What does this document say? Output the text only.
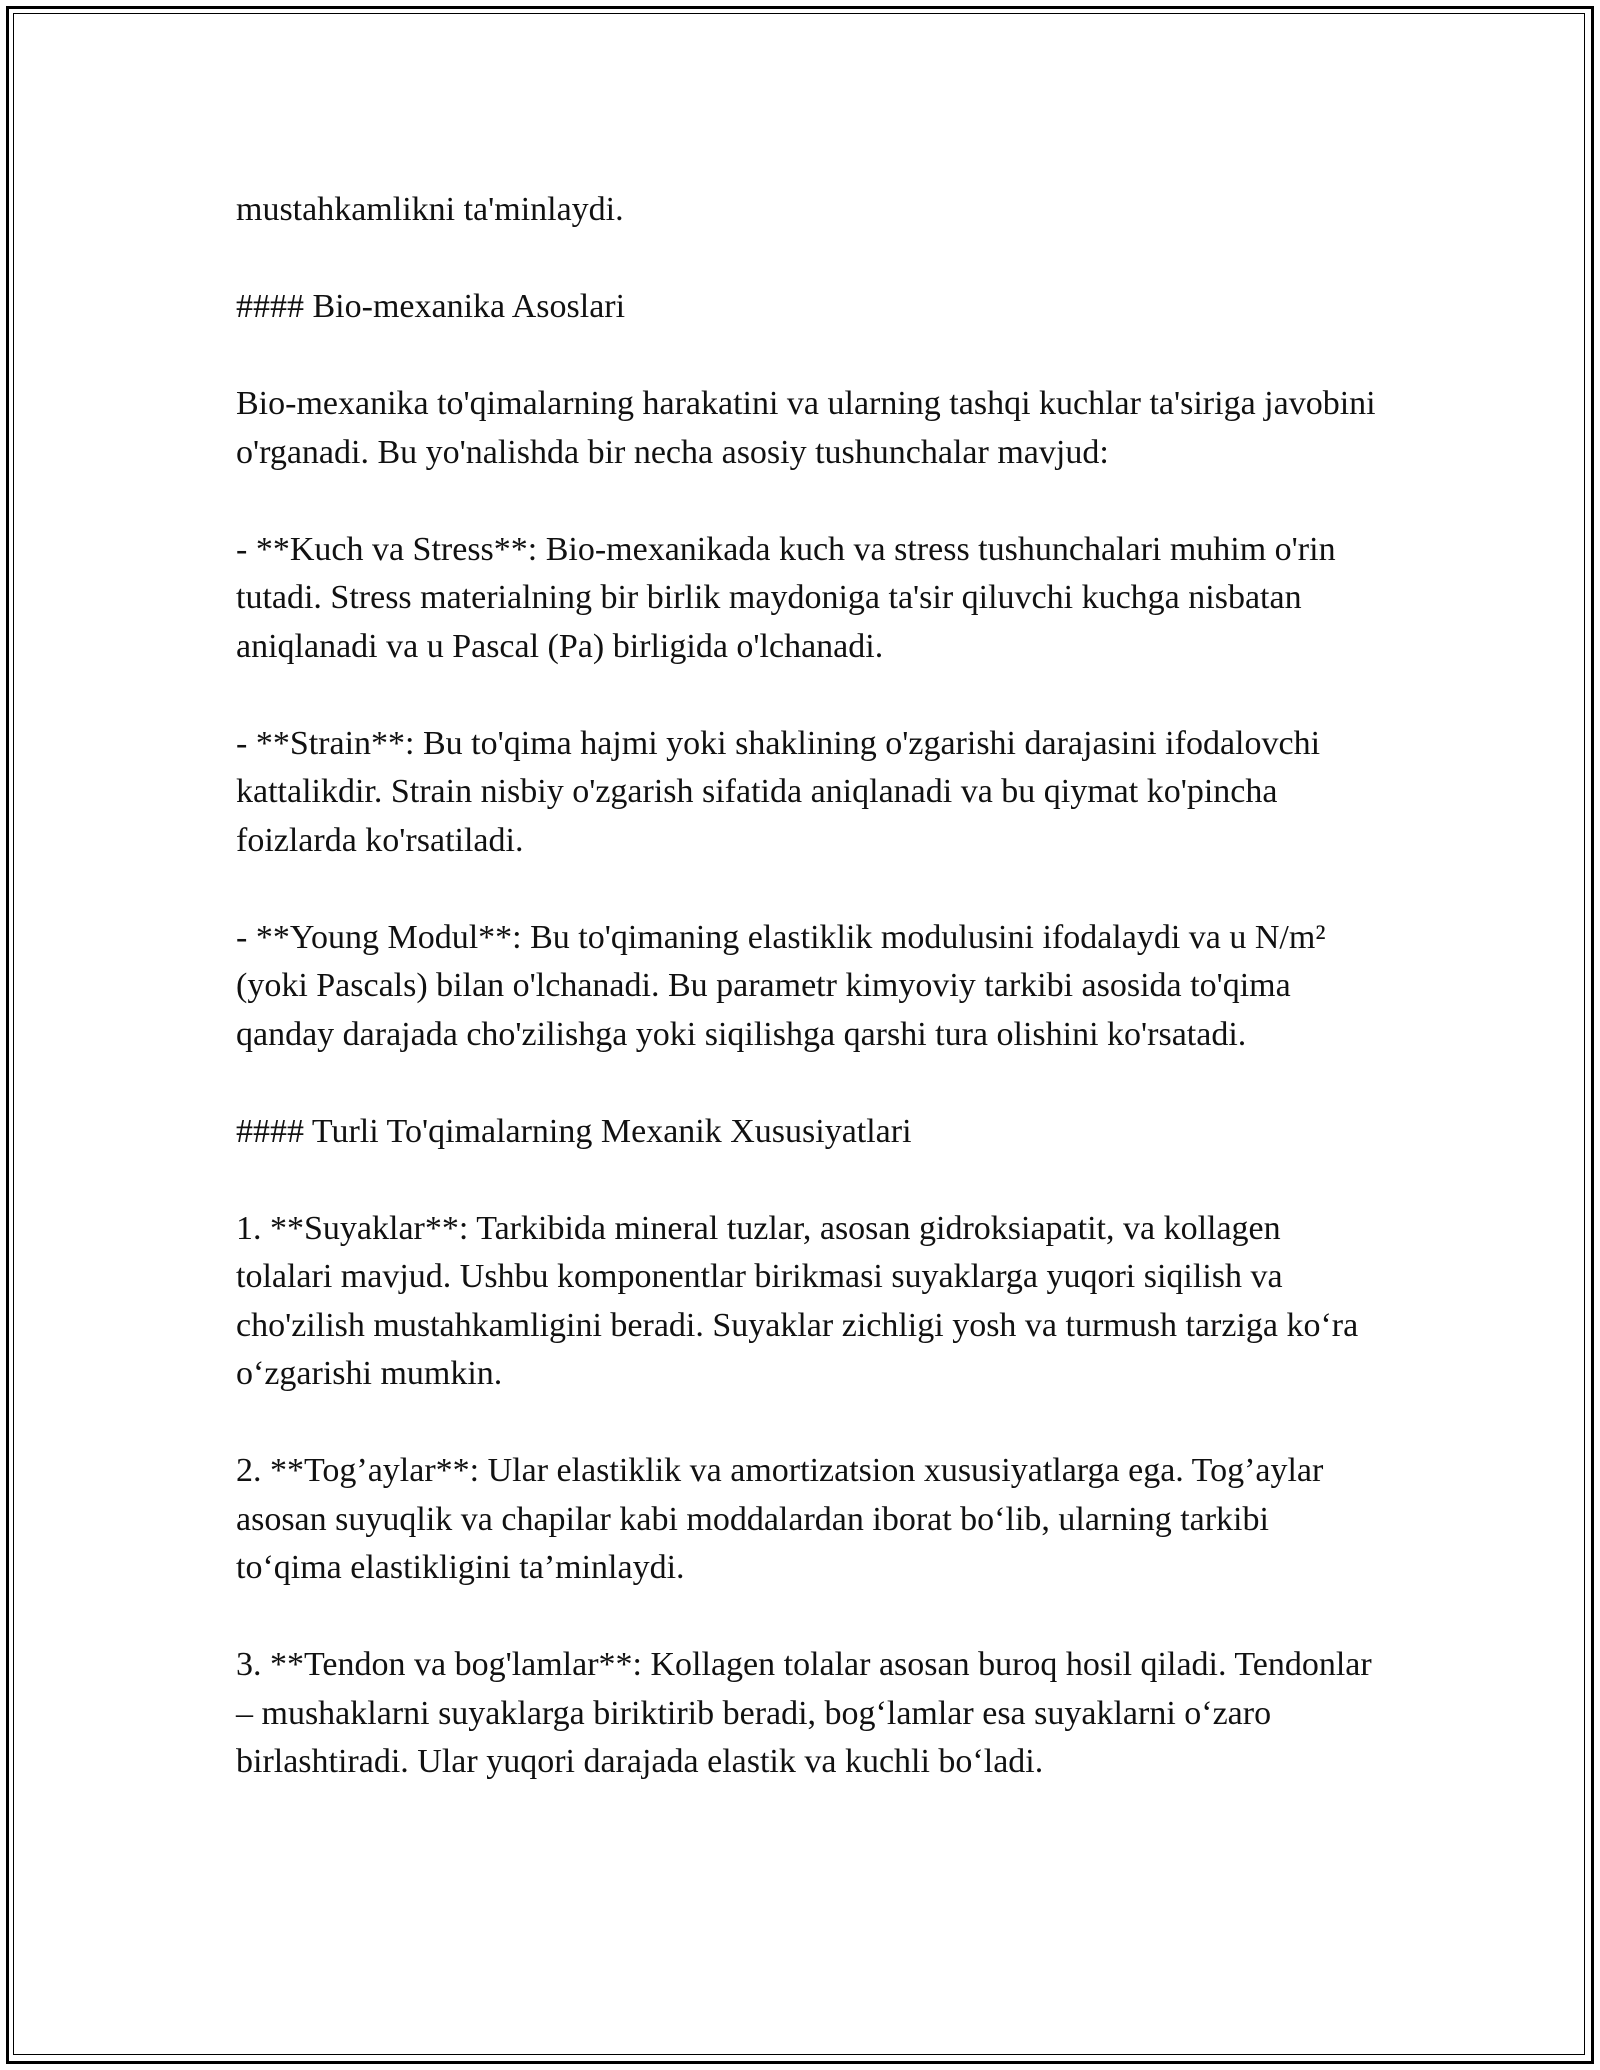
mustahkamlikni ta'minlaydi.

#### Bio-mexanika Asoslari

Bio-mexanika to'qimalarning harakatini va ularning tashqi kuchlar ta'siriga javobini o'rganadi. Bu yo'nalishda bir necha asosiy tushunchalar mavjud:

- **Kuch va Stress**: Bio-mexanikada kuch va stress tushunchalari muhim o'rin tutadi. Stress materialning bir birlik maydoniga ta'sir qiluvchi kuchga nisbatan aniqlanadi va u Pascal (Pa) birligida o'lchanadi.

- **Strain**: Bu to'qima hajmi yoki shaklining o'zgarishi darajasini ifodalovchi kattalikdir. Strain nisbiy o'zgarish sifatida aniqlanadi va bu qiymat ko'pincha foizlarda ko'rsatiladi.

- **Young Modul**: Bu to'qimaning elastiklik modulusini ifodalaydi va u N/m² (yoki Pascals) bilan o'lchanadi. Bu parametr kimyoviy tarkibi asosida to'qima qanday darajada cho'zilishga yoki siqilishga qarshi tura olishini ko'rsatadi.

#### Turli To'qimalarning Mexanik Xususiyatlari

1. **Suyaklar**: Tarkibida mineral tuzlar, asosan gidroksiapatit, va kollagen tolalari mavjud. Ushbu komponentlar birikmasi suyaklarga yuqori siqilish va cho'zilish mustahkamligini beradi. Suyaklar zichligi yosh va turmush tarziga koʻra oʻzgarishi mumkin.

2. **Tog’aylar**: Ular elastiklik va amortizatsion xususiyatlarga ega. Tog’aylar asosan suyuqlik va chapilar kabi moddalardan iborat boʻlib, ularning tarkibi toʻqima elastikligini ta’minlaydi.

3. **Tendon va bog'lamlar**: Kollagen tolalar asosan buroq hosil qiladi. Tendonlar – mushaklarni suyaklarga biriktirib beradi, bogʻlamlar esa suyaklarni oʻzaro birlashtiradi. Ular yuqori darajada elastik va kuchli boʻladi.
